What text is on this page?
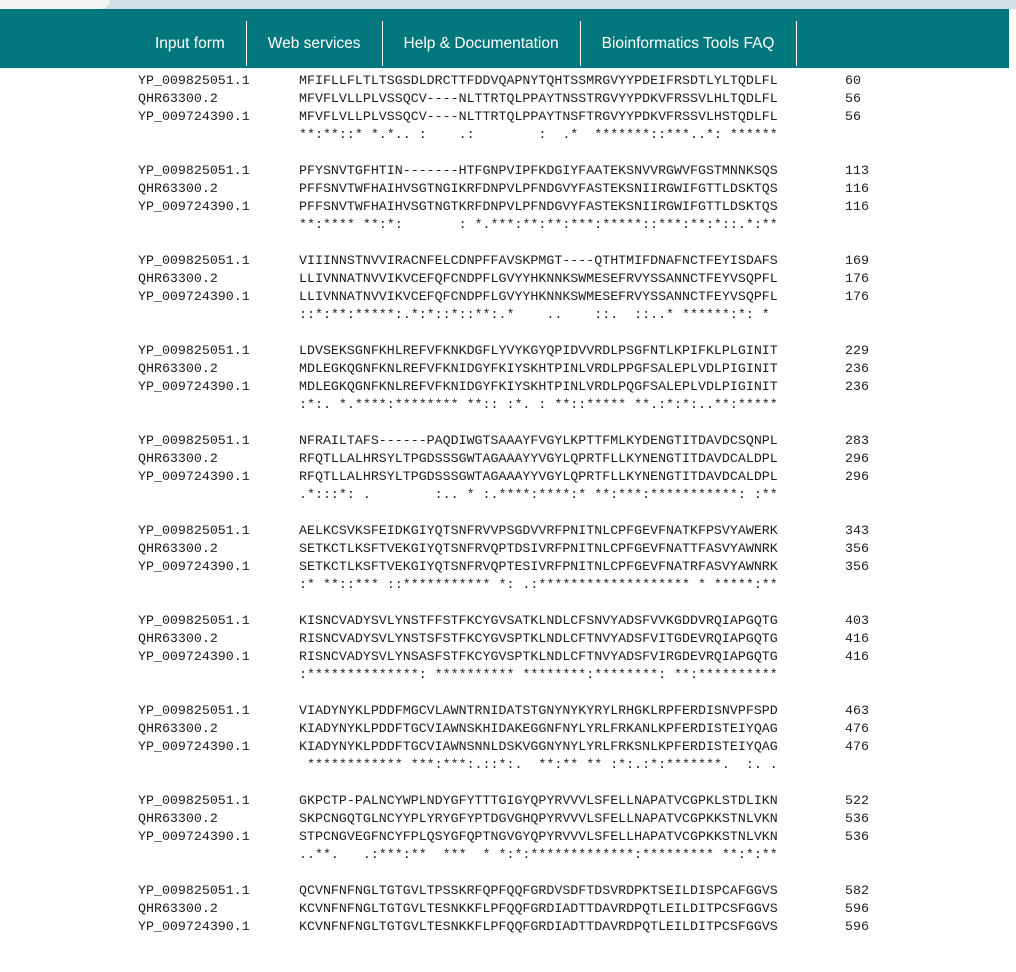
Input form	Web services	Help & Documentation	Bioinformatics Tools FAQ
YP_009825051.1	MFIFLLFLTLTSGSDLDRCTTFDDVQAPNYTQHTSSMRGVYYPDEIFRSDTLYLTQDLFL	60
QHR63300.2	MFVFLVLLPLVSSQCV----NLTTRTQLPPAYTNSSTRGVYYPDKVFRSSVLHLTQDLFL	56
YP_009724390.1	MFVFLVLLPLVSSQCV----NLTTRTQLPPAYTNSFTRGVYYPDKVFRSSVLHSTQDLFL	56
**:**::* *.*.. :    .:        :  .*  *******::***..*: ******
YP_009825051.1	PFYSNVTGFHTIN-------HTFGNPVIPFKDGIYFAATEKSNVVRGWVFGSTMNNKSQS	113
QHR63300.2	PFFSNVTWFHAIHVSGTNGIKRFDNPVLPFNDGVYFASTEKSNIIRGWIFGTTLDSKTQS	116
YP_009724390.1	PFFSNVTWFHAIHVSGTNGTKRFDNPVLPFNDGVYFASTEKSNIIRGWIFGTTLDSKTQS	116
**:**** **:*:       : *.***:**:**:***:*****::***:**:*::.*:**
YP_009825051.1	VIIINNSTNVVIRACNFELCDNPFFAVSKPMGT----QTHTMIFDNAFNCTFEYISDAFS	169
QHR63300.2	LLIVNNATNVVIKVCEFQFCNDPFLGVYYHKNNKSWMESEFRVYSSANNCTFEYVSQPFL	176
YP_009724390.1	LLIVNNATNVVIKVCEFQFCNDPFLGVYYHKNNKSWMESEFRVYSSANNCTFEYVSQPFL	176
::*:**:*****:.*:*::*::**:.*    ..    ::.  ::..* ******:*: *
YP_009825051.1	LDVSEKSGNFKHLREFVFKNKDGFLYVYKGYQPIDVVRDLPSGFNTLKPIFKLPLGINIT	229
QHR63300.2	MDLEGKQGNFKNLREFVFKNIDGYFKIYSKHTPINLVRDLPPGFSALEPLVDLPIGINIT	236
YP_009724390.1	MDLEGKQGNFKNLREFVFKNIDGYFKIYSKHTPINLVRDLPQGFSALEPLVDLPIGINIT	236
:*:. *.****:******** **:: :*. : **::***** **.:*:*:..**:*****
YP_009825051.1	NFRAILTAFS------PAQDIWGTSAAAYFVGYLKPTTFMLKYDENGTITDAVDCSQNPL	283
QHR63300.2	RFQTLLALHRSYLTPGDSSSGWTAGAAAYYVGYLQPRTFLLKYNENGTITDAVDCALDPL	296
YP_009724390.1	RFQTLLALHRSYLTPGDSSSGWTAGAAAYYVGYLQPRTFLLKYNENGTITDAVDCALDPL	296
.*:::*: .        :.. * :.****:****:* **:***:***********: :**
YP_009825051.1	AELKCSVKSFEIDKGIYQTSNFRVVPSGDVVRFPNITNLCPFGEVFNATKFPSVYAWERK	343
QHR63300.2	SETKCTLKSFTVEKGIYQTSNFRVQPTDSIVRFPNITNLCPFGEVFNATTFASVYAWNRK	356
YP_009724390.1	SETKCTLKSFTVEKGIYQTSNFRVQPTESIVRFPNITNLCPFGEVFNATRFASVYAWNRK	356
:* **::*** ::*********** *: .:******************* * *****:**
YP_009825051.1	KISNCVADYSVLYNSTFFSTFKCYGVSATKLNDLCFSNVYADSFVVKGDDVRQIAPGQTG	403
QHR63300.2	RISNCVADYSVLYNSTSFSTFKCYGVSPTKLNDLCFTNVYADSFVITGDEVRQIAPGQTG	416
YP_009724390.1	RISNCVADYSVLYNSASFSTFKCYGVSPTKLNDLCFTNVYADSFVIRGDEVRQIAPGQTG	416
:**************: ********** ********:********: **:**********
YP_009825051.1	VIADYNYKLPDDFMGCVLAWNTRNIDATSTGNYNYKYRYLRHGKLRPFERDISNVPFSPD	463
QHR63300.2	KIADYNYKLPDDFTGCVIAWNSKHIDAKEGGNFNYLYRLFRKANLKPFERDISTEIYQAG	476
YP_009724390.1	KIADYNYKLPDDFTGCVIAWNSNNLDSKVGGNYNYLYRLFRKSNLKPFERDISTEIYQAG	476
************ ***:***:.::*:.  **:** ** :*:.:*:*******.  :. .
YP_009825051.1	GKPCTP-PALNCYWPLNDYGFYTTTGIGYQPYRVVVLSFELLNAPATVCGPKLSTDLIKN	522
QHR63300.2	SKPCNGQTGLNCYYPLYRYGFYPTDGVGHQPYRVVVLSFELLNAPATVCGPKKSTNLVKN	536
YP_009724390.1	STPCNGVEGFNCYFPLQSYGFQPTNGVGYQPYRVVVLSFELLHAPATVCGPKKSTNLVKN	536
..**.   .:***:**  ***  * *:*:*************:********* **:*:**
YP_009825051.1	QCVNFNFNGLTGTGVLTPSSKRFQPFQQFGRDVSDFTDSVRDPKTSEILDISPCAFGGVS	582
QHR63300.2	KCVNFNFNGLTGTGVLTESNKKFLPFQQFGRDIADTTDAVRDPQTLEILDITPCSFGGVS	596
YP_009724390.1	KCVNFNFNGLTGTGVLTESNKKFLPFQQFGRDIADTTDAVRDPQTLEILDITPCSFGGVS	596
